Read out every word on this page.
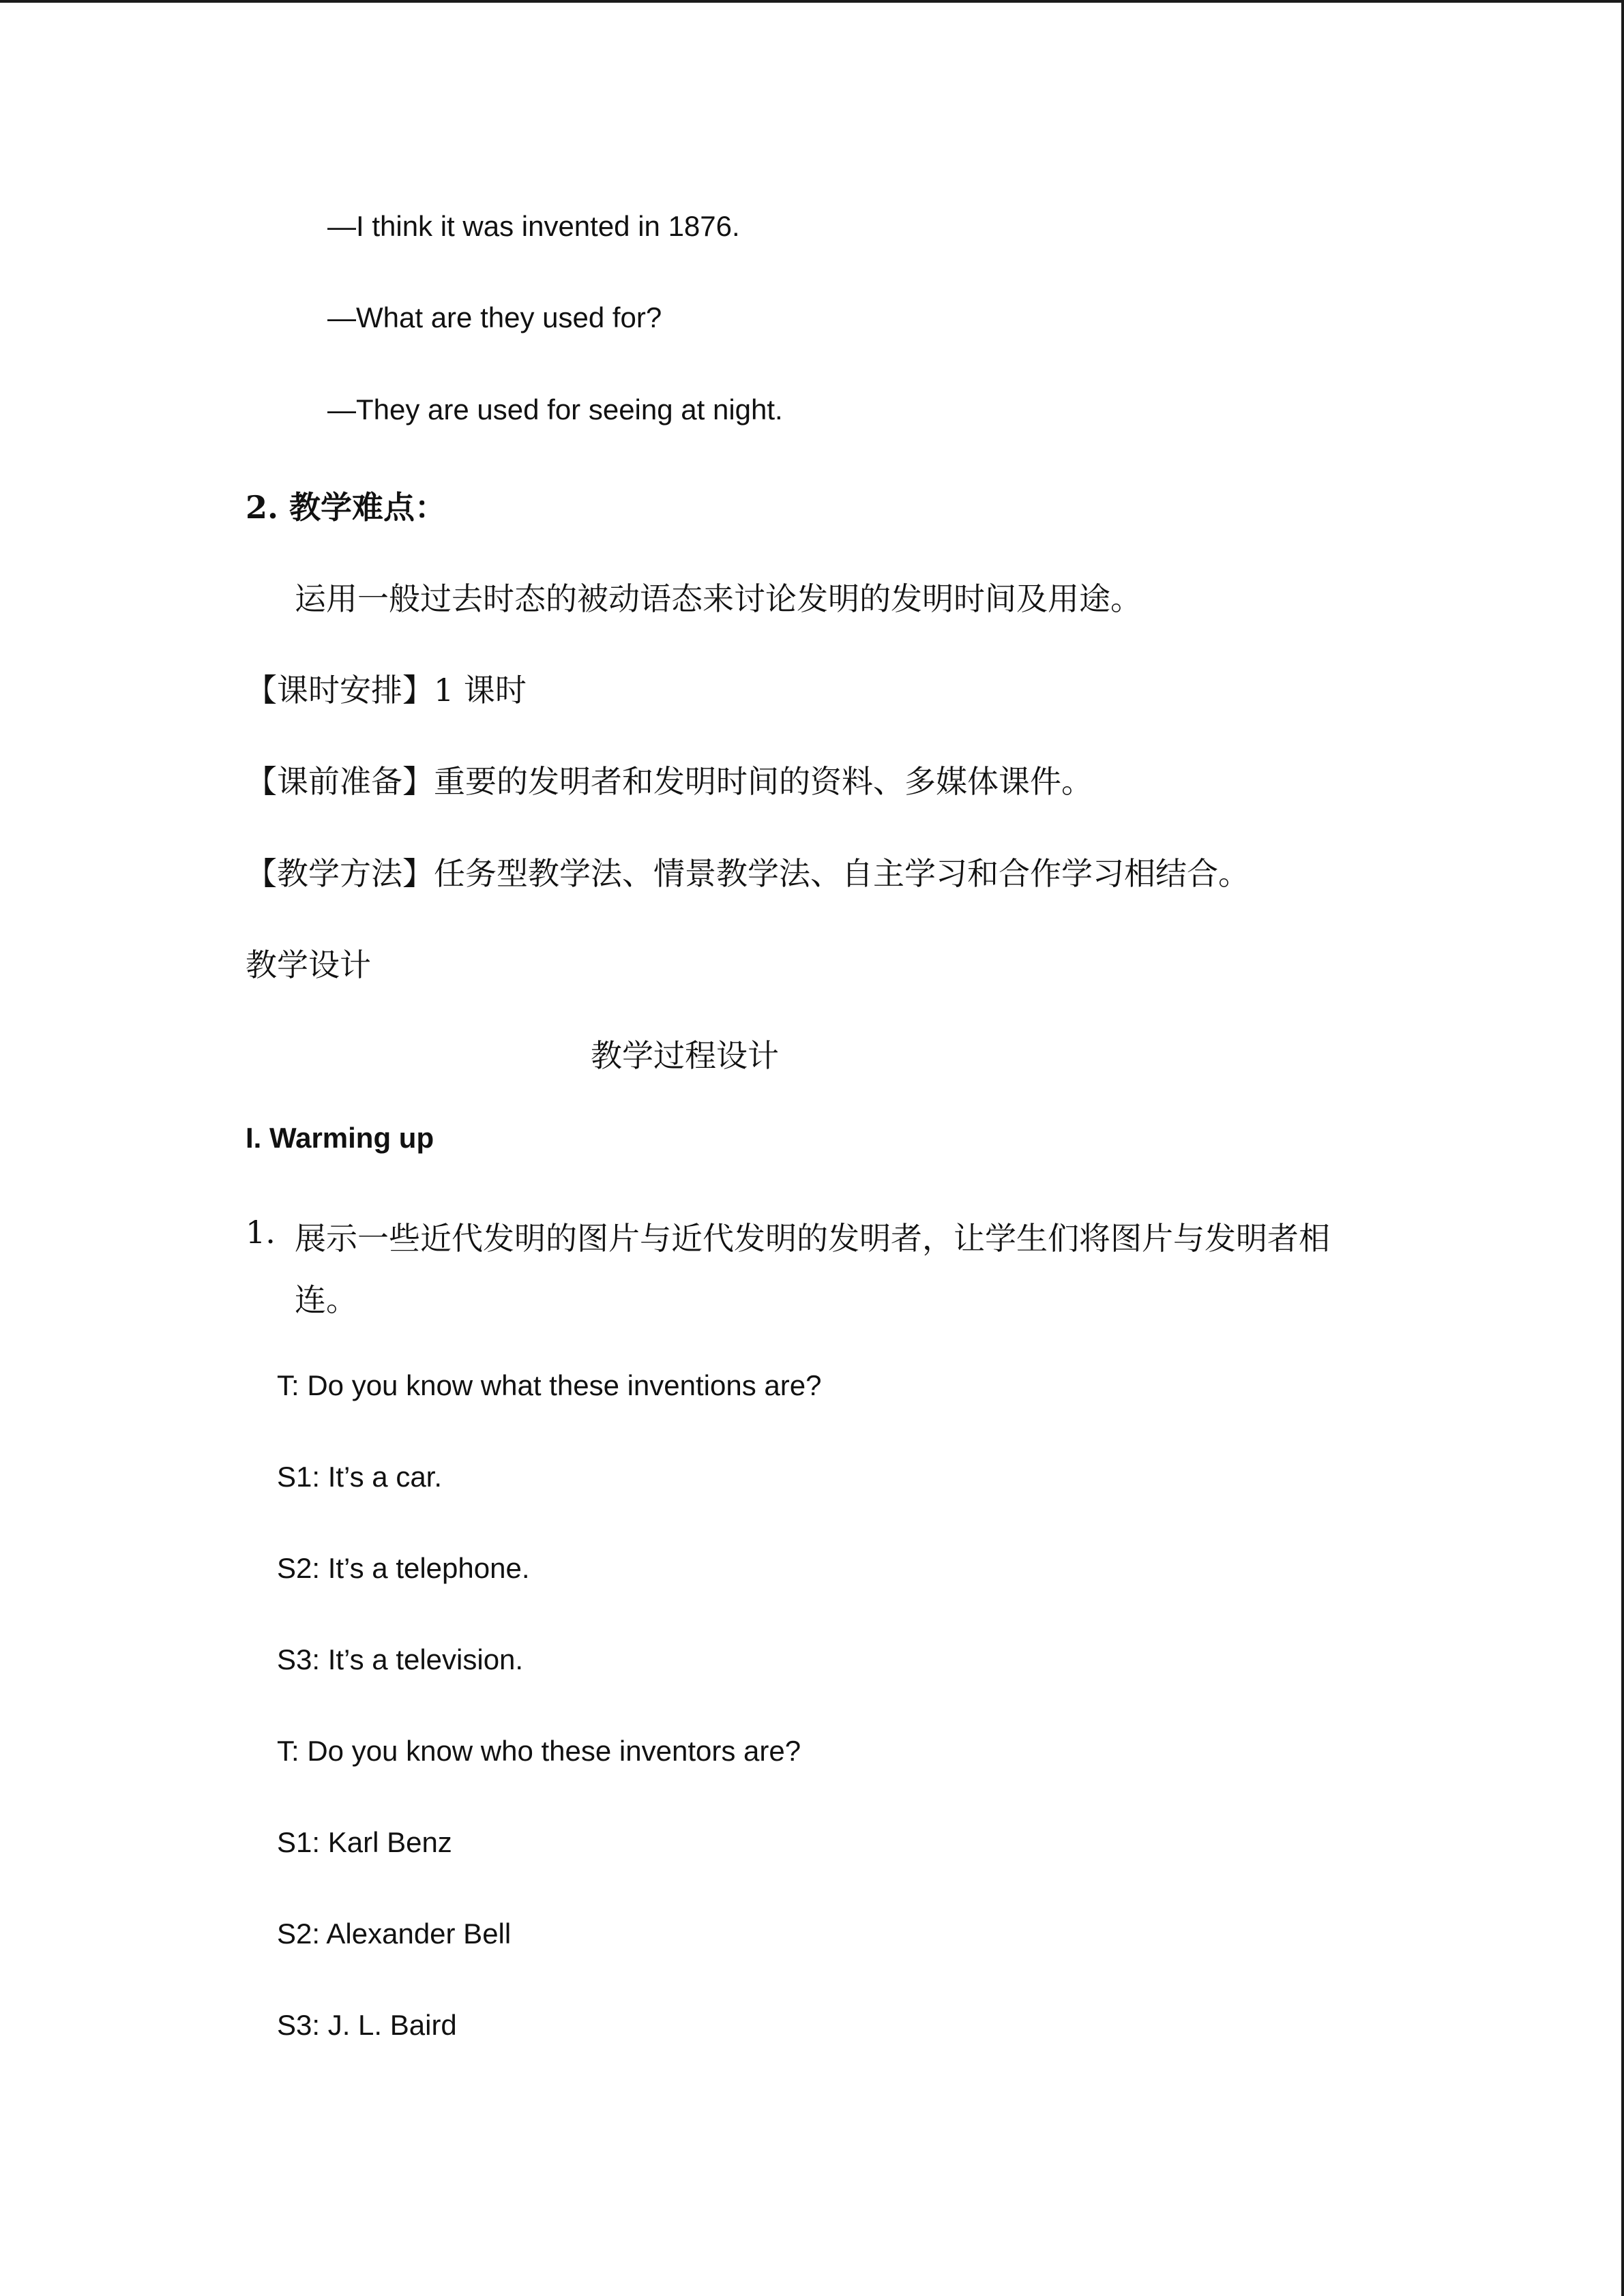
—I think it was invented in 1876.
—What are they used for?
—They are used for seeing at night.
2. 教学难点：
运用一般过去时态的被动语态来讨论发明的发明时间及用途。
【课时安排】1 课时
【课前准备】重要的发明者和发明时间的资料、多媒体课件。
【教学方法】任务型教学法、情景教学法、自主学习和合作学习相结合。
教学设计
教学过程设计
I. Warming up
1. 展示一些近代发明的图片与近代发明的发明者，让学生们将图片与发明者相
连。
T: Do you know what these inventions are?
S1: It’s a car.
S2: It’s a telephone.
S3: It’s a television.
T: Do you know who these inventors are?
S1: Karl Benz
S2: Alexander Bell
S3: J. L. Baird
